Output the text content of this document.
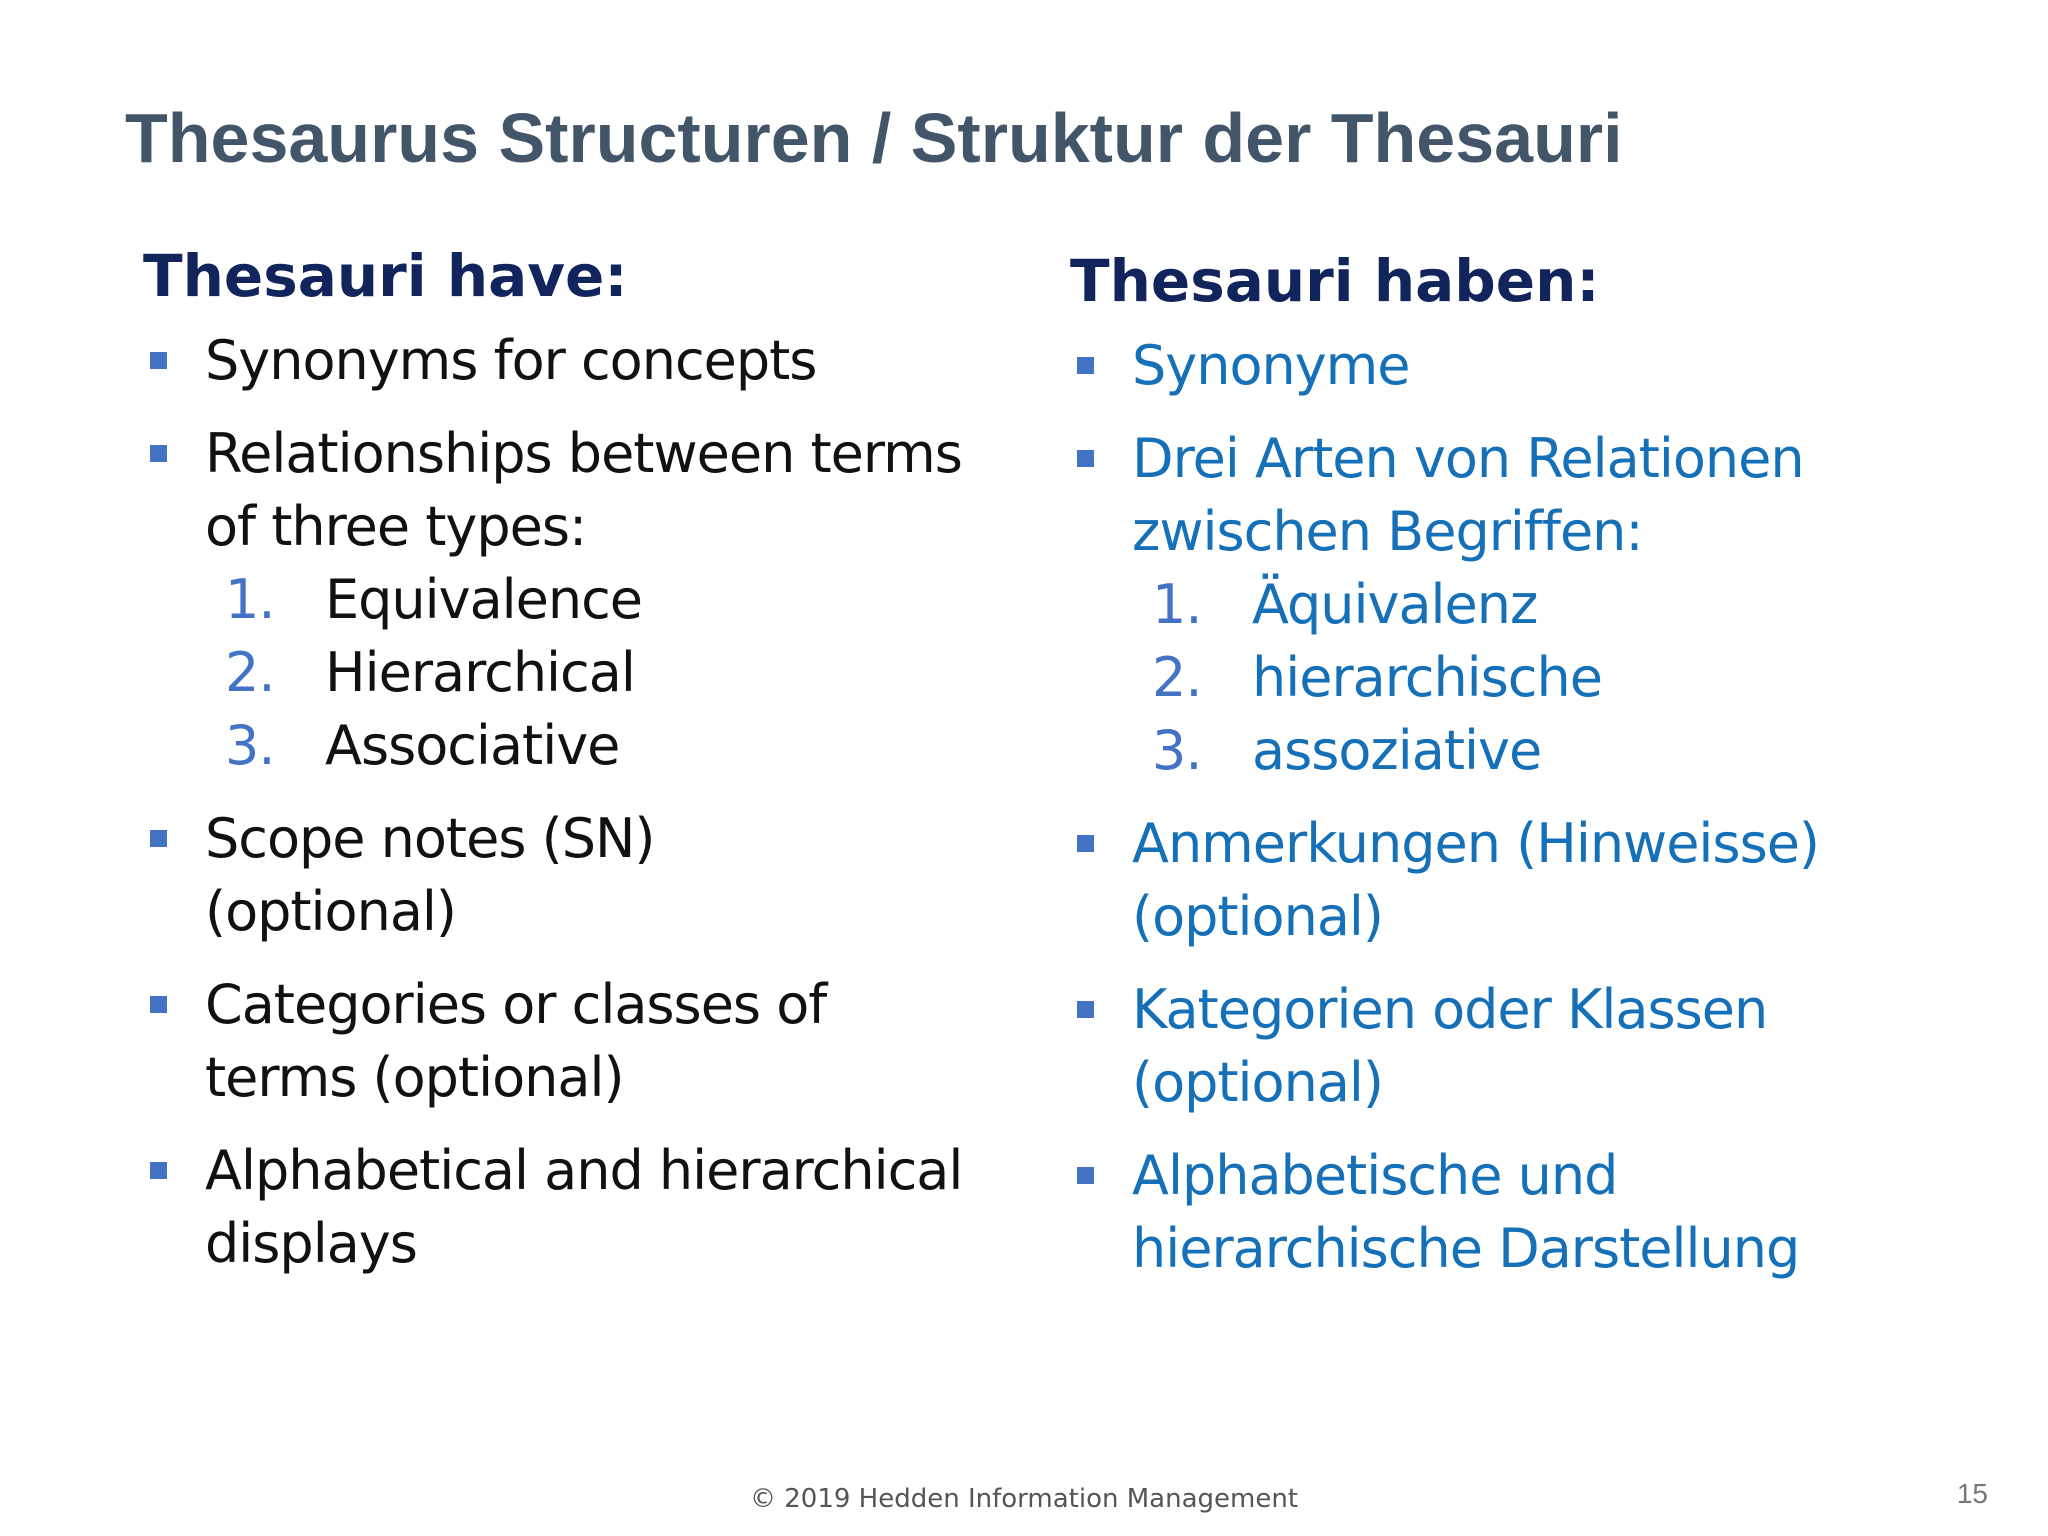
Thesaurus Structuren / Struktur der Thesauri
Thesauri have:
Synonyms for concepts
Relationships between terms
of three types:
1. Equivalence
2. Hierarchical
3. Associative
Scope notes (SN)
(optional)
Categories or classes of
terms (optional)
Alphabetical and hierarchical
displays
Thesauri haben:
Synonyme
Drei Arten von Relationen
zwischen Begriffen:
1. Äquivalenz
2. hierarchische
3. assoziative
Anmerkungen (Hinweisse)
(optional)
Kategorien oder Klassen
(optional)
Alphabetische und
hierarchische Darstellung
© 2019 Hedden Information Management	15
